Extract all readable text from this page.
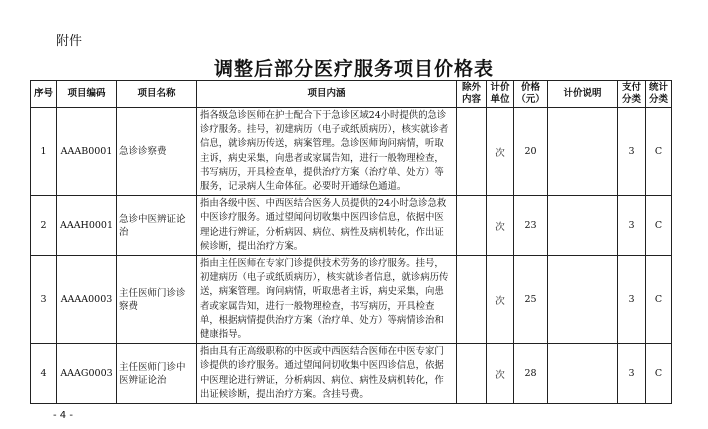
附件
调整后部分医疗服务项目价格表
序号	项目编码	项目名称	项目内涵	除外内容	计价单位	价格（元）	计价说明	支付分类	统计分类
1	AAAB0001	急诊诊察费	指各级急诊医师在护士配合下于急诊区域24小时提供的急诊诊疗服务。挂号，初建病历（电子或纸质病历），核实就诊者信息，就诊病历传送，病案管理。急诊医师询问病情，听取主诉，病史采集，向患者或家属告知，进行一般物理检查，书写病历，开具检查单，提供治疗方案（治疗单、处方）等服务，记录病人生命体征。必要时开通绿色通道。		次	20		3	C
2	AAAH0001	急诊中医辨证论治	指由各级中医、中西医结合医务人员提供的24小时急诊急救中医诊疗服务。通过望闻问切收集中医四诊信息，依据中医理论进行辨证，分析病因、病位、病性及病机转化，作出证候诊断，提出治疗方案。		次	23		3	C
3	AAAA0003	主任医师门诊诊察费	指由主任医师在专家门诊提供技术劳务的诊疗服务。挂号，初建病历（电子或纸质病历），核实就诊者信息，就诊病历传送，病案管理。询问病情，听取患者主诉，病史采集，向患者或家属告知，进行一般物理检查，书写病历，开具检查单，根据病情提供治疗方案（治疗单、处方）等病情诊治和健康指导。		次	25		3	C
4	AAAG0003	主任医师门诊中医辨证论治	指由具有正高级职称的中医或中西医结合医师在中医专家门诊提供的诊疗服务。通过望闻问切收集中医四诊信息，依据中医理论进行辨证，分析病因、病位、病性及病机转化，作出证候诊断，提出治疗方案。含挂号费。		次	28		3	C
- 4 -
